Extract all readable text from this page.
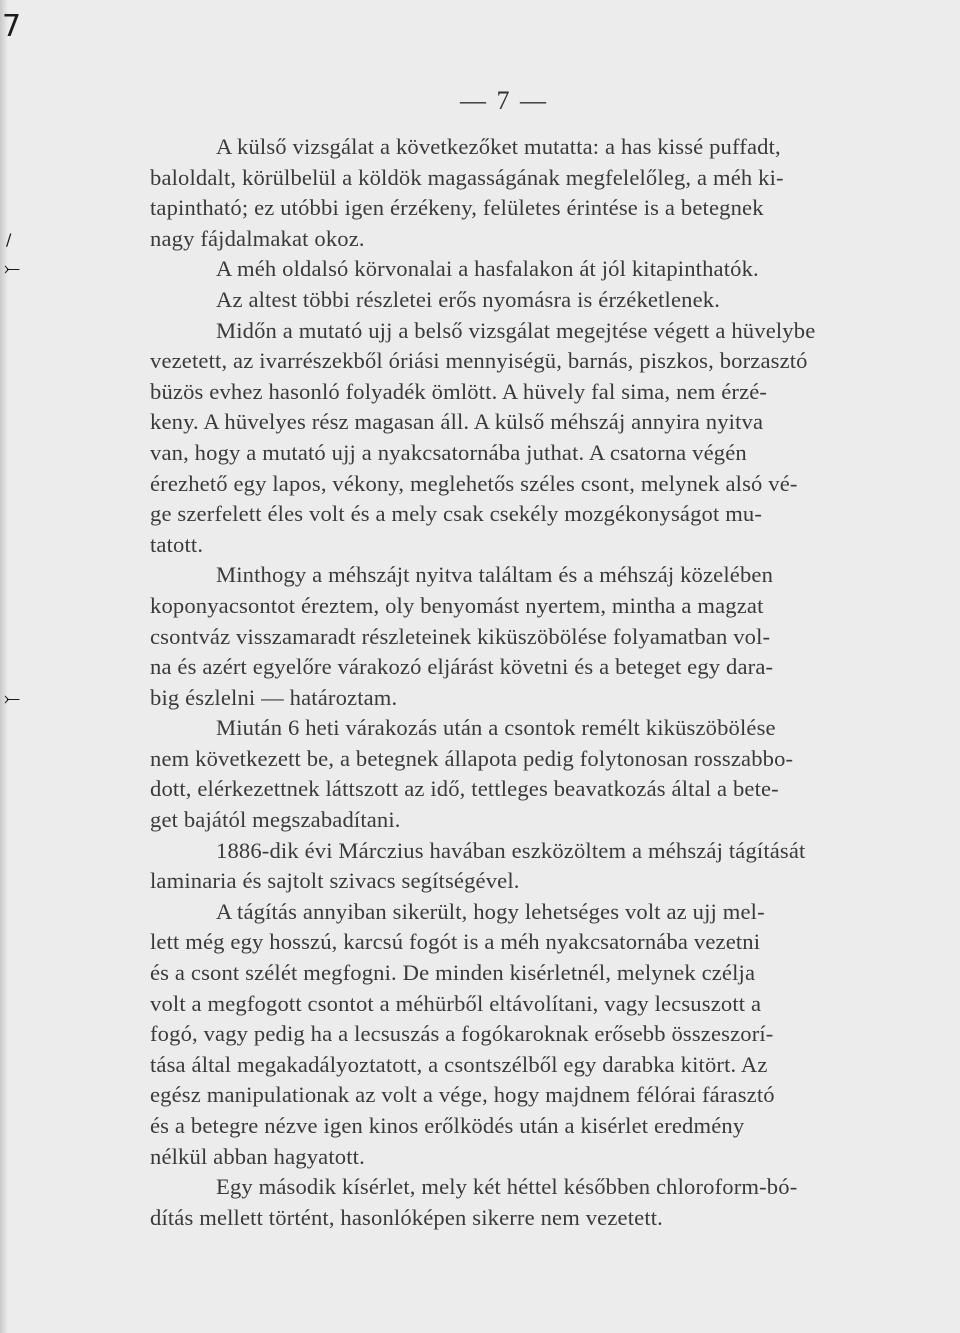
7
/
⤚
⤚
— 7 —

A külső vizsgálat a következőket mutatta: a has kissé puffadt,
baloldalt, körülbelül a köldök magasságának megfelelőleg, a méh ki-
tapintható; ez utóbbi igen érzékeny, felületes érintése is a betegnek
nagy fájdalmakat okoz.

A méh oldalsó körvonalai a hasfalakon át jól kitapinthatók.

Az altest többi részletei erős nyomásra is érzéketlenek.

Midőn a mutató ujj a belső vizsgálat megejtése végett a hüvelybe
vezetett, az ivarrészekből óriási mennyiségü, barnás, piszkos, borzasztó
büzös evhez hasonló folyadék ömlött. A hüvely fal sima, nem érzé-
keny. A hüvelyes rész magasan áll. A külső méhszáj annyira nyitva
van, hogy a mutató ujj a nyakcsatornába juthat. A csatorna végén
érezhető egy lapos, vékony, meglehetős széles csont, melynek alsó vé-
ge szerfelett éles volt és a mely csak csekély mozgékonyságot mu-
tatott.

Minthogy a méhszájt nyitva találtam és a méhszáj közelében
koponyacsontot éreztem, oly benyomást nyertem, mintha a magzat
csontváz visszamaradt részleteinek kiküszöbölése folyamatban vol-
na és azért egyelőre várakozó eljárást követni és a beteget egy dara-
big észlelni — határoztam.

Miután 6 heti várakozás után a csontok remélt kiküszöbölése
nem következett be, a betegnek állapota pedig folytonosan rosszabbo-
dott, elérkezettnek láttszott az idő, tettleges beavatkozás által a bete-
get bajától megszabadítani.

1886-dik évi Márczius havában eszközöltem a méhszáj tágítását
laminaria és sajtolt szivacs segítségével.

A tágítás annyiban sikerült, hogy lehetséges volt az ujj mel-
lett még egy hosszú, karcsú fogót is a méh nyakcsatornába vezetni
és a csont szélét megfogni. De minden kisérletnél, melynek czélja
volt a megfogott csontot a méhürből eltávolítani, vagy lecsuszott a
fogó, vagy pedig ha a lecsuszás a fogókaroknak erősebb összeszorí-
tása által megakadályoztatott, a csontszélből egy darabka kitört. Az
egész manipulationak az volt a vége, hogy majdnem félórai fárasztó
és a betegre nézve igen kinos erőlködés után a kisérlet eredmény
nélkül abban hagyatott.

Egy második kísérlet, mely két héttel későbben chloroform-bó-
dítás mellett történt, hasonlóképen sikerre nem vezetett.
